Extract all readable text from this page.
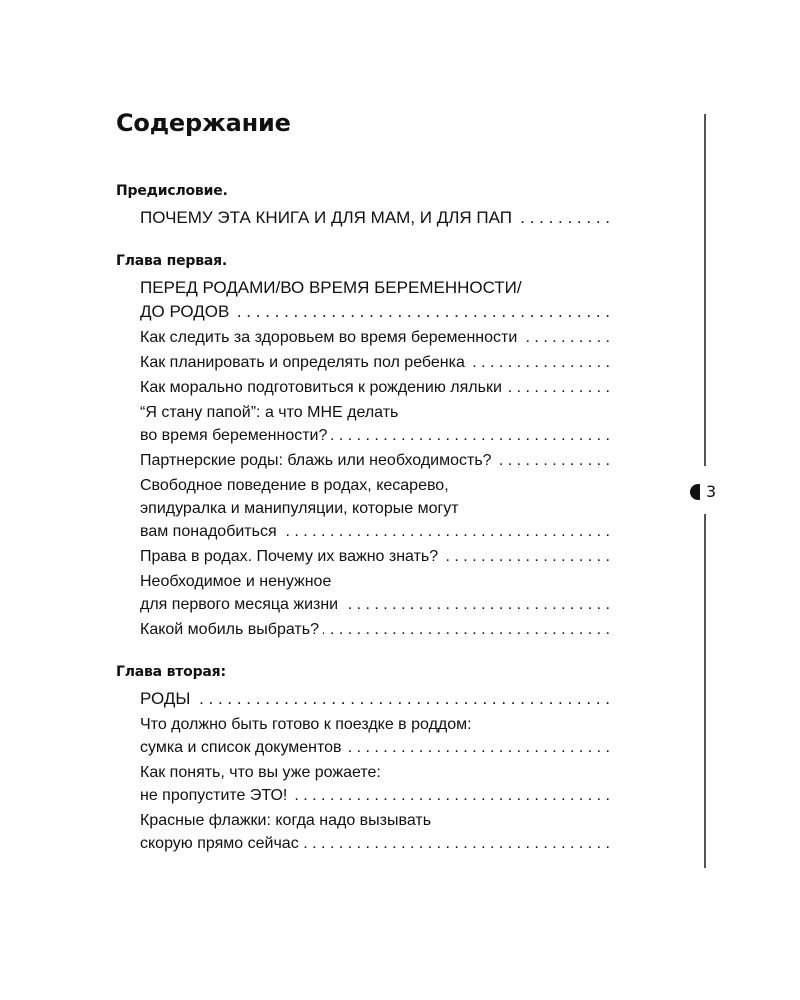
Содержание
Предисловие.
ПОЧЕМУ ЭТА КНИГА И ДЛЯ МАМ, И ДЛЯ ПАП
. . .
Глава первая.
ПЕРЕД РОДАМИ/ВО ВРЕМЯ БЕРЕМЕННОСТИ/
ДО РОДОВ
. . .
Как следить за здоровьем во время беременности
. . .
Как планировать и определять пол ребенка
. . .
Как морально подготовиться к рождению ляльки
. . .
“Я стану папой”: а что МНЕ делать
во время беременности?
. . .
Партнерские роды: блажь или необходимость?
. . .
Свободное поведение в родах, кесарево,
эпидуралка и манипуляции, которые могут
вам понадобиться
. . .
Права в родах. Почему их важно знать?
. . .
Необходимое и ненужное
для первого месяца жизни
. . .
Какой мобиль выбрать?
. . .
Глава вторая:
РОДЫ
. . .
Что должно быть готово к поездке в роддом:
сумка и список документов
. . .
Как понять, что вы уже рожаете:
не пропустите ЭТО!
. . .
Красные флажки: когда надо вызывать
скорую прямо сейчас
. . .
3
